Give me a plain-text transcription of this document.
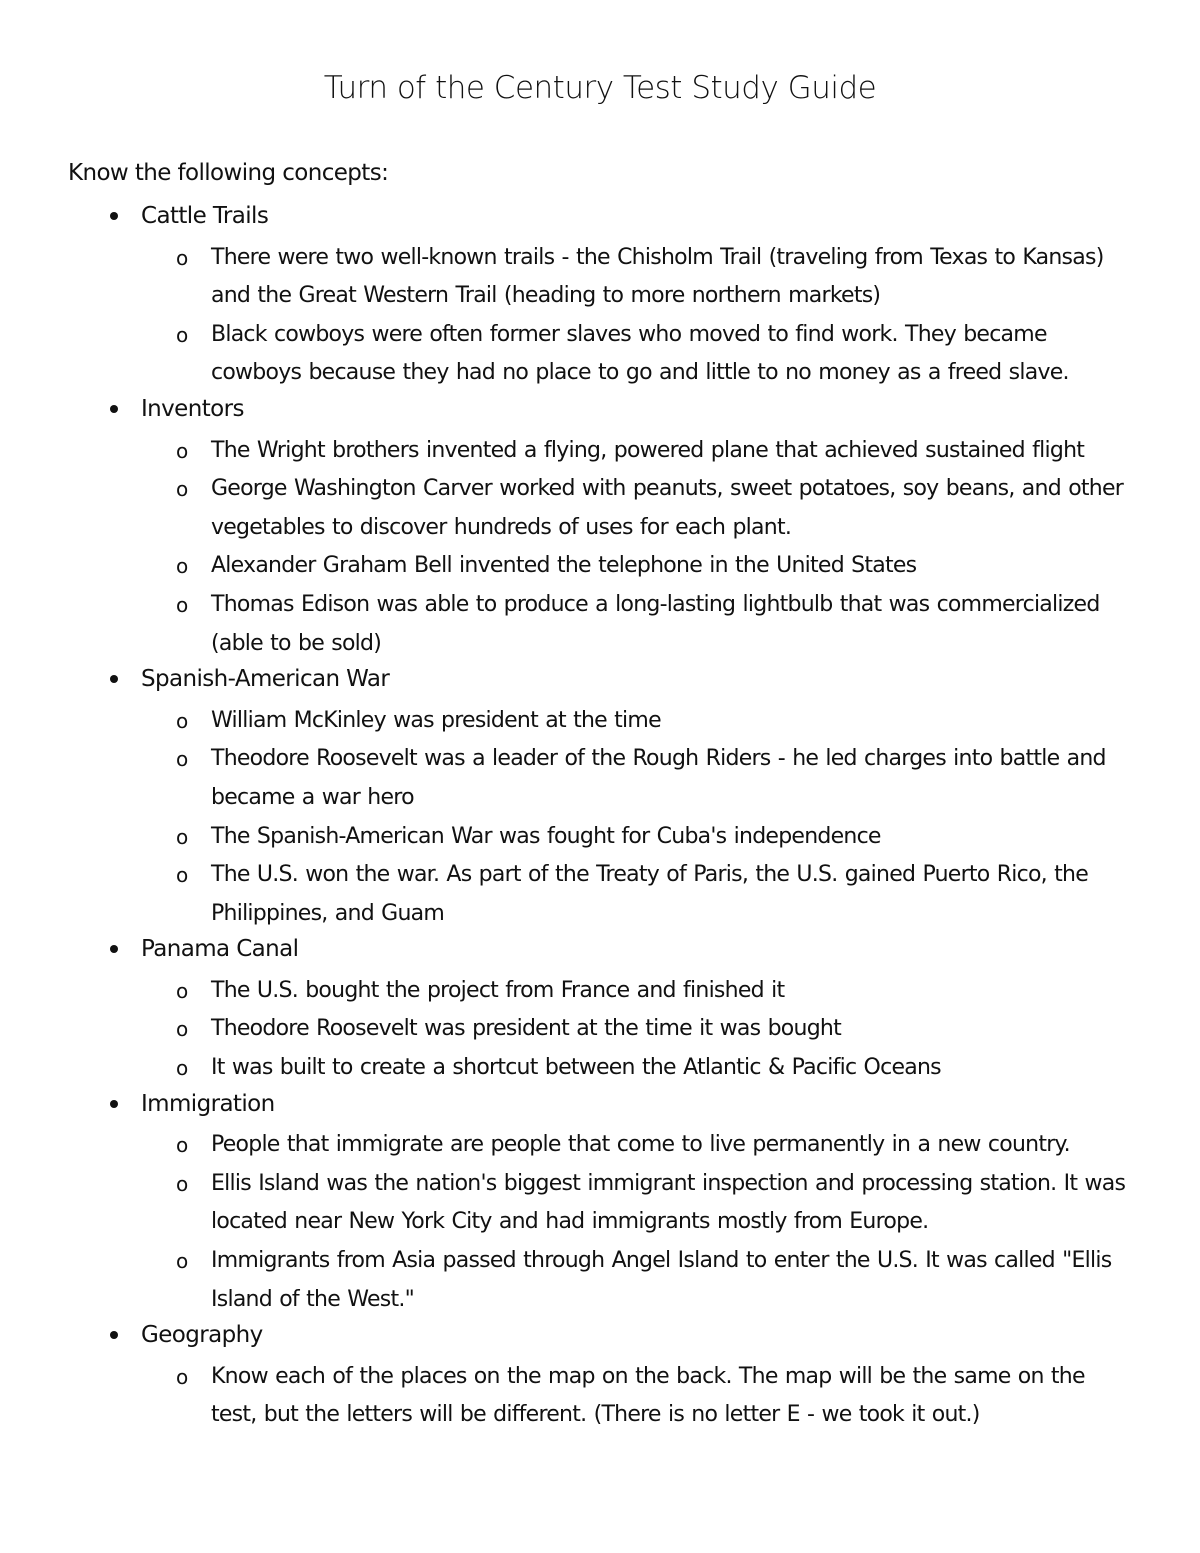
Turn of the Century Test Study Guide

Know the following concepts:

Cattle Trails
o There were two well-known trails - the Chisholm Trail (traveling from Texas to Kansas) and the Great Western Trail (heading to more northern markets)
o Black cowboys were often former slaves who moved to find work. They became cowboys because they had no place to go and little to no money as a freed slave.
Inventors
o The Wright brothers invented a flying, powered plane that achieved sustained flight
o George Washington Carver worked with peanuts, sweet potatoes, soy beans, and other vegetables to discover hundreds of uses for each plant.
o Alexander Graham Bell invented the telephone in the United States
o Thomas Edison was able to produce a long-lasting lightbulb that was commercialized (able to be sold)
Spanish-American War
o William McKinley was president at the time
o Theodore Roosevelt was a leader of the Rough Riders - he led charges into battle and became a war hero
o The Spanish-American War was fought for Cuba's independence
o The U.S. won the war. As part of the Treaty of Paris, the U.S. gained Puerto Rico, the Philippines, and Guam
Panama Canal
o The U.S. bought the project from France and finished it
o Theodore Roosevelt was president at the time it was bought
o It was built to create a shortcut between the Atlantic & Pacific Oceans
Immigration
o People that immigrate are people that come to live permanently in a new country.
o Ellis Island was the nation's biggest immigrant inspection and processing station. It was located near New York City and had immigrants mostly from Europe.
o Immigrants from Asia passed through Angel Island to enter the U.S. It was called "Ellis Island of the West."
Geography
o Know each of the places on the map on the back. The map will be the same on the test, but the letters will be different. (There is no letter E - we took it out.)
